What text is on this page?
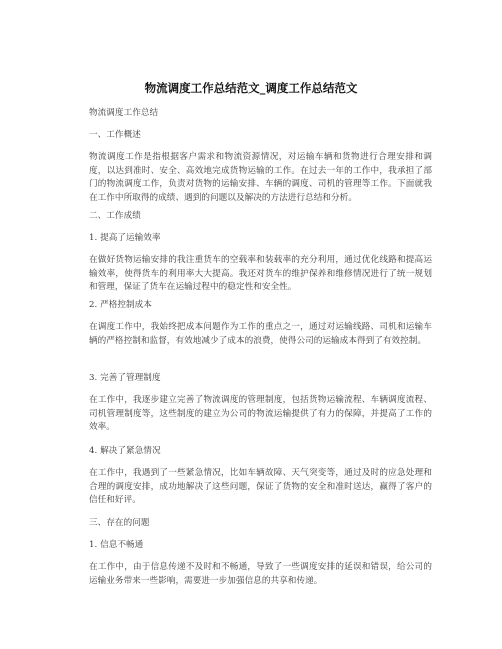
物流调度工作总结范文_调度工作总结范文

物流调度工作总结

一、工作概述

物流调度工作是指根据客户需求和物流资源情况，对运输车辆和货物进行合理安排和调度，以达到准时、安全、高效地完成货物运输的工作。在过去一年的工作中，我承担了部门的物流调度工作，负责对货物的运输安排、车辆的调度、司机的管理等工作。下面就我在工作中所取得的成绩、遇到的问题以及解决的方法进行总结和分析。

二、工作成绩

1. 提高了运输效率

在做好货物运输安排的我注重货车的空载率和装载率的充分利用，通过优化线路和提高运输效率，使得货车的利用率大大提高。我还对货车的维护保养和维修情况进行了统一规划和管理，保证了货车在运输过程中的稳定性和安全性。

2. 严格控制成本

在调度工作中，我始终把成本问题作为工作的重点之一，通过对运输线路、司机和运输车辆的严格控制和监督，有效地减少了成本的浪费，使得公司的运输成本得到了有效控制。

3. 完善了管理制度

在工作中，我逐步建立完善了物流调度的管理制度，包括货物运输流程、车辆调度流程、司机管理制度等，这些制度的建立为公司的物流运输提供了有力的保障，并提高了工作的效率。

4. 解决了紧急情况

在工作中，我遇到了一些紧急情况，比如车辆故障、天气突变等，通过及时的应急处理和合理的调度安排，成功地解决了这些问题，保证了货物的安全和准时送达，赢得了客户的信任和好评。

三、存在的问题

1. 信息不畅通

在工作中，由于信息传递不及时和不畅通，导致了一些调度安排的延误和错误，给公司的运输业务带来一些影响，需要进一步加强信息的共享和传递。
